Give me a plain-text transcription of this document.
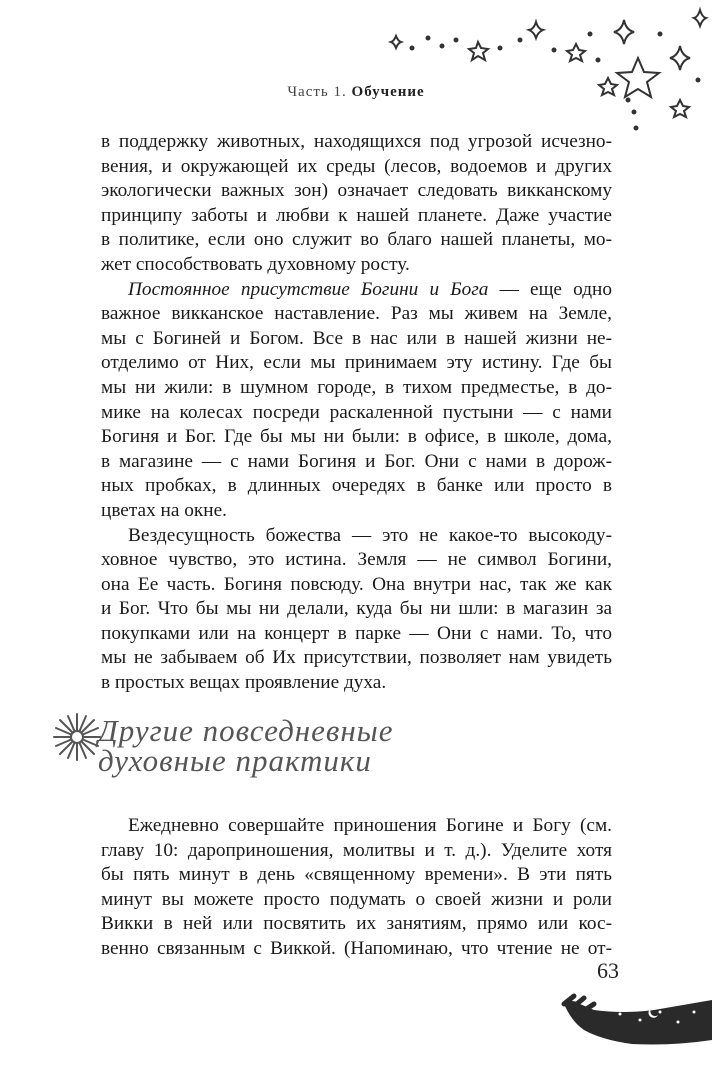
Часть 1. Обучение
в поддержку животных, находящихся под угрозой исчезно-
вения, и окружающей их среды (лесов, водоемов и других
экологически важных зон) означает следовать викканскому
принципу заботы и любви к нашей планете. Даже участие
в политике, если оно служит во благо нашей планеты, мо-
жет способствовать духовному росту.
Постоянное присутствие Богини и Бога — еще одно
важное викканское наставление. Раз мы живем на Земле,
мы с Богиней и Богом. Все в нас или в нашей жизни не-
отделимо от Них, если мы принимаем эту истину. Где бы
мы ни жили: в шумном городе, в тихом предместье, в до-
мике на колесах посреди раскаленной пустыни — с нами
Богиня и Бог. Где бы мы ни были: в офисе, в школе, дома,
в магазине — с нами Богиня и Бог. Они с нами в дорож-
ных пробках, в длинных очередях в банке или просто в
цветах на окне.
Вездесущность божества — это не какое-то высокоду-
ховное чувство, это истина. Земля — не символ Богини,
она Ее часть. Богиня повсюду. Она внутри нас, так же как
и Бог. Что бы мы ни делали, куда бы ни шли: в магазин за
покупками или на концерт в парке — Они с нами. То, что
мы не забываем об Их присутствии, позволяет нам увидеть
в простых вещах проявление духа.
Другие повседневные
духовные практики
Ежедневно совершайте приношения Богине и Богу (см.
главу 10: дароприношения, молитвы и т. д.). Уделите хотя
бы пять минут в день «священному времени». В эти пять
минут вы можете просто подумать о своей жизни и роли
Викки в ней или посвятить их занятиям, прямо или кос-
венно связанным с Виккой. (Напоминаю, что чтение не от-
63
